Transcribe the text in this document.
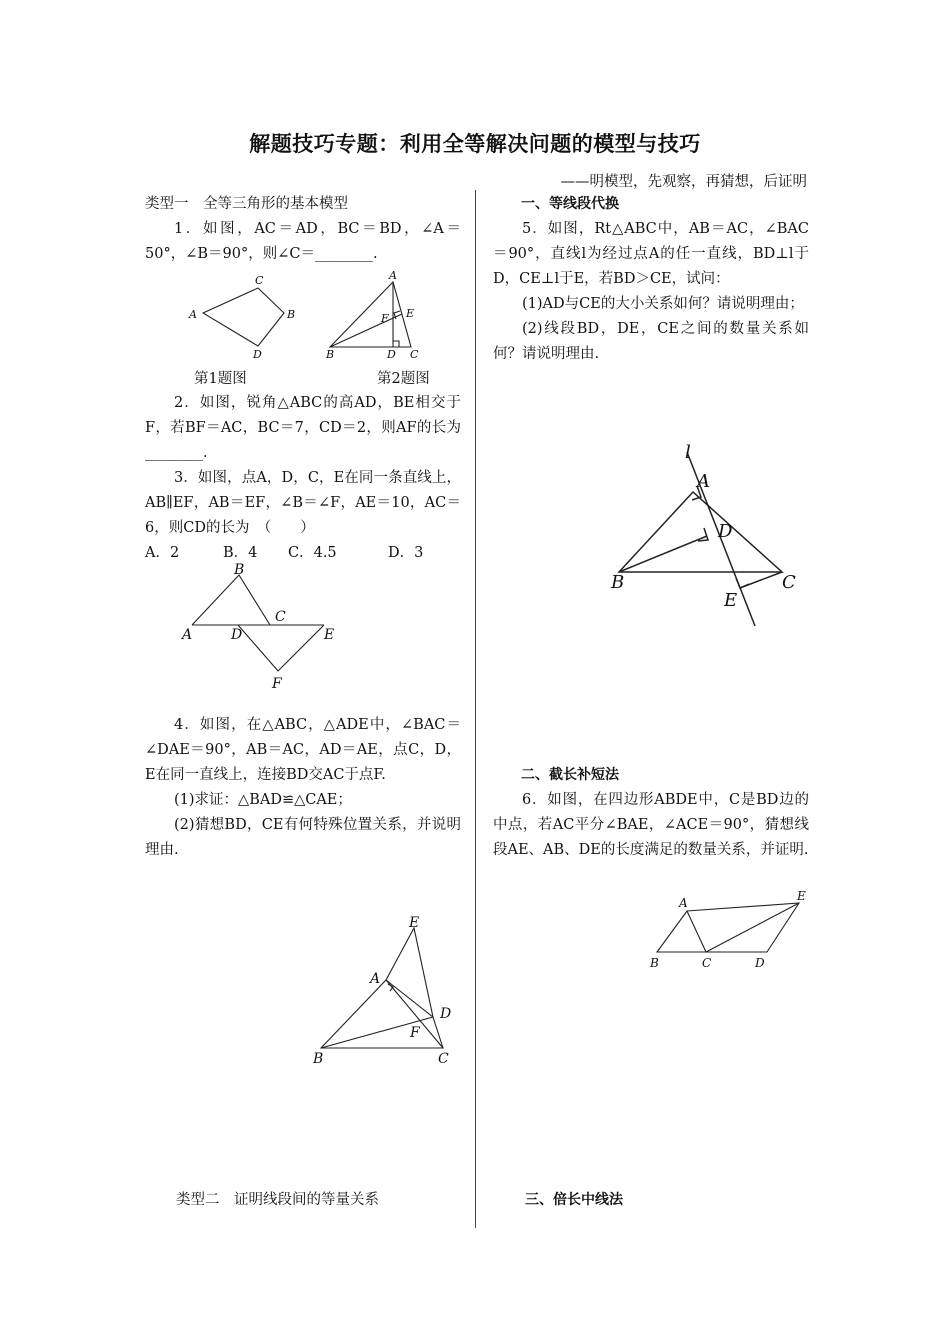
解题技巧专题：利用全等解决问题的模型与技巧
——明模型，先观察，再猜想，后证明

类型一　全等三角形的基本模型

1．如图，AC＝AD，BC＝BD，∠A＝50°，∠B＝90°，则∠C＝________.

第1题图	第2题图

2．如图，锐角△ABC的高AD，BE相交于F，若BF＝AC，BC＝7，CD＝2，则AF的长为________.

3．如图，点A，D，C，E在同一条直线上，AB∥EF，AB＝EF，∠B＝∠F，AE＝10，AC＝6，则CD的长为　（　　）

A．2	B．4 C．4.5	D．3

4．如图，在△ABC，△ADE中，∠BAC＝∠DAE＝90°，AB＝AC，AD＝AE，点C，D，E在同一直线上，连接BD交AC于点F.

(1)求证：△BAD≌△CAE；

(2)猜想BD，CE有何特殊位置关系，并说明理由.

类型二　证明线段间的等量关系

一、等线段代换

5．如图，Rt△ABC中，AB＝AC，∠BAC＝90°，直线l为经过点A的任一直线，BD⊥l于D，CE⊥l于E，若BD＞CE，试问：

(1)AD与CE的大小关系如何？请说明理由；

(2)线段BD，DE，CE之间的数量关系如何？请说明理由.

二、截长补短法

6．如图，在四边形ABDE中，C是BD边的中点，若AC平分∠BAE，∠ACE＝90°，猜想线段AE、AB、DE的长度满足的数量关系，并证明.

三、倍长中线法
C
A	B
D
A
F E
B	D C
B
C
A	D	E
F
E
A
D
F
B	C
l
A
D
B	C
E
E
A
B	C	D
